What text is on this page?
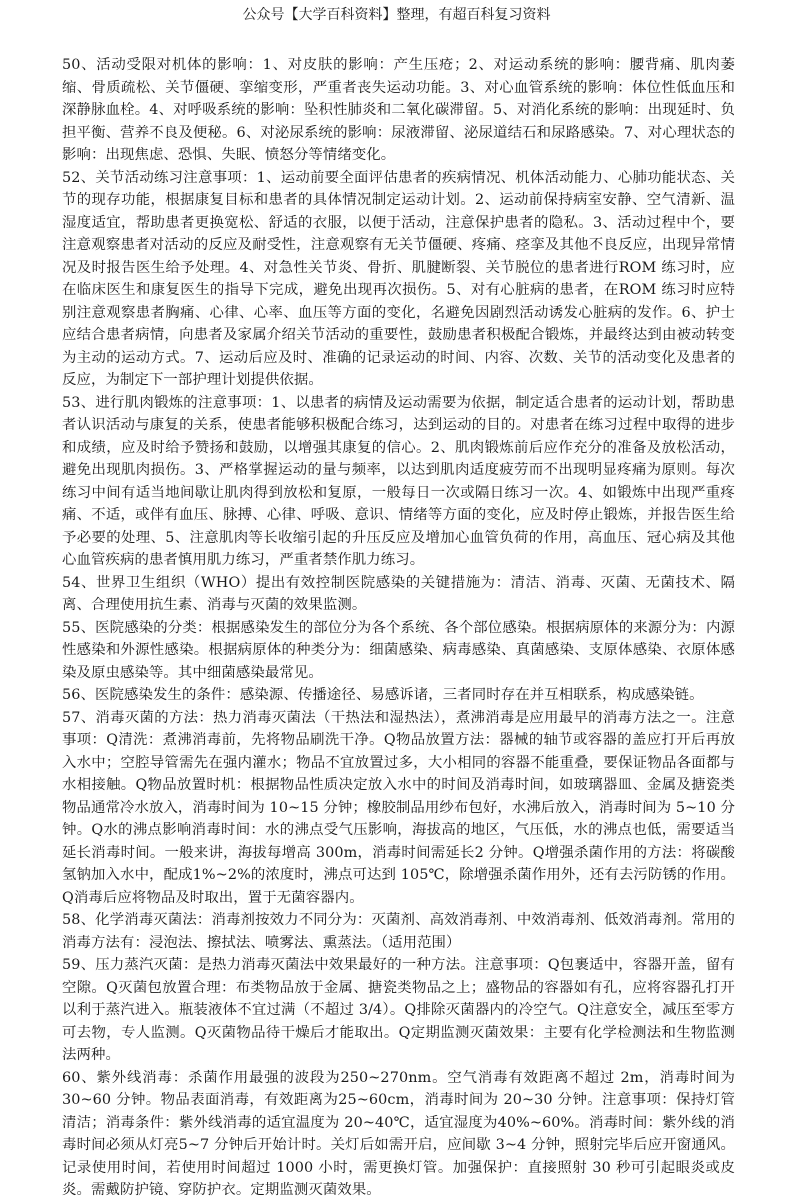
公众号【大学百科资料】整理，有超百科复习资料

50、活动受限对机体的影响：1、对皮肤的影响：产生压疮；2、对运动系统的影响：腰背痛、肌肉萎缩、骨质疏松、关节僵硬、挛缩变形，严重者丧失运动功能。3、对心血管系统的影响：体位性低血压和深静脉血栓。4、对呼吸系统的影响：坠积性肺炎和二氧化碳滞留。5、对消化系统的影响：出现延时、负担平衡、营养不良及便秘。6、对泌尿系统的影响：尿液滞留、泌尿道结石和尿路感染。7、对心理状态的影响：出现焦虑、恐惧、失眠、愤怒分等情绪变化。

52、关节活动练习注意事项：1、运动前要全面评估患者的疾病情况、机体活动能力、心肺功能状态、关节的现存功能，根据康复目标和患者的具体情况制定运动计划。2、运动前保持病室安静、空气清新、温湿度适宜，帮助患者更换宽松、舒适的衣服，以便于活动，注意保护患者的隐私。3、活动过程中个，要注意观察患者对活动的反应及耐受性，注意观察有无关节僵硬、疼痛、痉挛及其他不良反应，出现异常情况及时报告医生给予处理。4、对急性关节炎、骨折、肌腱断裂、关节脱位的患者进行ROM 练习时，应在临床医生和康复医生的指导下完成，避免出现再次损伤。5、对有心脏病的患者，在ROM 练习时应特别注意观察患者胸痛、心律、心率、血压等方面的变化，名避免因剧烈活动诱发心脏病的发作。6、护士应结合患者病情，向患者及家属介绍关节活动的重要性，鼓励患者积极配合锻炼，并最终达到由被动转变为主动的运动方式。7、运动后应及时、准确的记录运动的时间、内容、次数、关节的活动变化及患者的反应，为制定下一部护理计划提供依据。

53、进行肌肉锻炼的注意事项：1、以患者的病情及运动需要为依据，制定适合患者的运动计划，帮助患者认识活动与康复的关系，使患者能够积极配合练习，达到运动的目的。对患者在练习过程中取得的进步和成绩，应及时给予赞扬和鼓励，以增强其康复的信心。2、肌肉锻炼前后应作充分的准备及放松活动，避免出现肌肉损伤。3、严格掌握运动的量与频率，以达到肌肉适度疲劳而不出现明显疼痛为原则。每次练习中间有适当地间歇让肌肉得到放松和复原，一般每日一次或隔日练习一次。4、如锻炼中出现严重疼痛、不适，或伴有血压、脉搏、心律、呼吸、意识、情绪等方面的变化，应及时停止锻炼，并报告医生给予必要的处理、5、注意肌肉等长收缩引起的升压反应及增加心血管负荷的作用，高血压、冠心病及其他心血管疾病的患者慎用肌力练习，严重者禁作肌力练习。

54、世界卫生组织（WHO）提出有效控制医院感染的关键措施为：清洁、消毒、灭菌、无菌技术、隔离、合理使用抗生素、消毒与灭菌的效果监测。

55、医院感染的分类：根据感染发生的部位分为各个系统、各个部位感染。根据病原体的来源分为：内源性感染和外源性感染。根据病原体的种类分为：细菌感染、病毒感染、真菌感染、支原体感染、衣原体感染及原虫感染等。其中细菌感染最常见。

56、医院感染发生的条件：感染源、传播途径、易感诉诸，三者同时存在并互相联系，构成感染链。

57、消毒灭菌的方法：热力消毒灭菌法（干热法和湿热法），煮沸消毒是应用最早的消毒方法之一。注意事项：Q清洗：煮沸消毒前，先将物品刷洗干净。Q物品放置方法：器械的轴节或容器的盖应打开后再放入水中；空腔导管需先在强内灌水；物品不宜放置过多，大小相同的容器不能重叠，要保证物品各面都与水相接触。Q物品放置时机：根据物品性质决定放入水中的时间及消毒时间，如玻璃器皿、金属及搪瓷类物品通常冷水放入，消毒时间为 10~15 分钟；橡胶制品用纱布包好，水沸后放入，消毒时间为 5~10 分钟。Q水的沸点影响消毒时间：水的沸点受气压影响，海拔高的地区，气压低，水的沸点也低，需要适当延长消毒时间。一般来讲，海拔每增高 300m，消毒时间需延长2 分钟。Q增强杀菌作用的方法：将碳酸氢钠加入水中，配成1%~2%的浓度时，沸点可达到 105℃，除增强杀菌作用外，还有去污防锈的作用。Q消毒后应将物品及时取出，置于无菌容器内。

58、化学消毒灭菌法：消毒剂按效力不同分为：灭菌剂、高效消毒剂、中效消毒剂、低效消毒剂。常用的消毒方法有：浸泡法、擦拭法、喷雾法、熏蒸法。（适用范围）

59、压力蒸汽灭菌：是热力消毒灭菌法中效果最好的一种方法。注意事项：Q包裹适中，容器开盖，留有空隙。Q灭菌包放置合理：布类物品放于金属、搪瓷类物品之上；盛物品的容器如有孔，应将容器孔打开以利于蒸汽进入。瓶装液体不宜过满（不超过 3/4）。Q排除灭菌器内的冷空气。Q注意安全，减压至零方可去物，专人监测。Q灭菌物品待干燥后才能取出。Q定期监测灭菌效果：主要有化学检测法和生物监测法两种。

60、紫外线消毒：杀菌作用最强的波段为250~270nm。空气消毒有效距离不超过 2m，消毒时间为 30~60 分钟。物品表面消毒，有效距离为25~60cm，消毒时间为 20~30 分钟。注意事项：保持灯管清洁；消毒条件：紫外线消毒的适宜温度为 20~40℃，适宜湿度为40%~60%。消毒时间：紫外线的消毒时间必须从灯亮5~7 分钟后开始计时。关灯后如需开启，应间歇 3~4 分钟，照射完毕后应开窗通风。记录使用时间，若使用时间超过 1000 小时，需更换灯管。加强保护：直接照射 30 秒可引起眼炎或皮炎。需戴防护镜、穿防护衣。定期监测灭菌效果。
